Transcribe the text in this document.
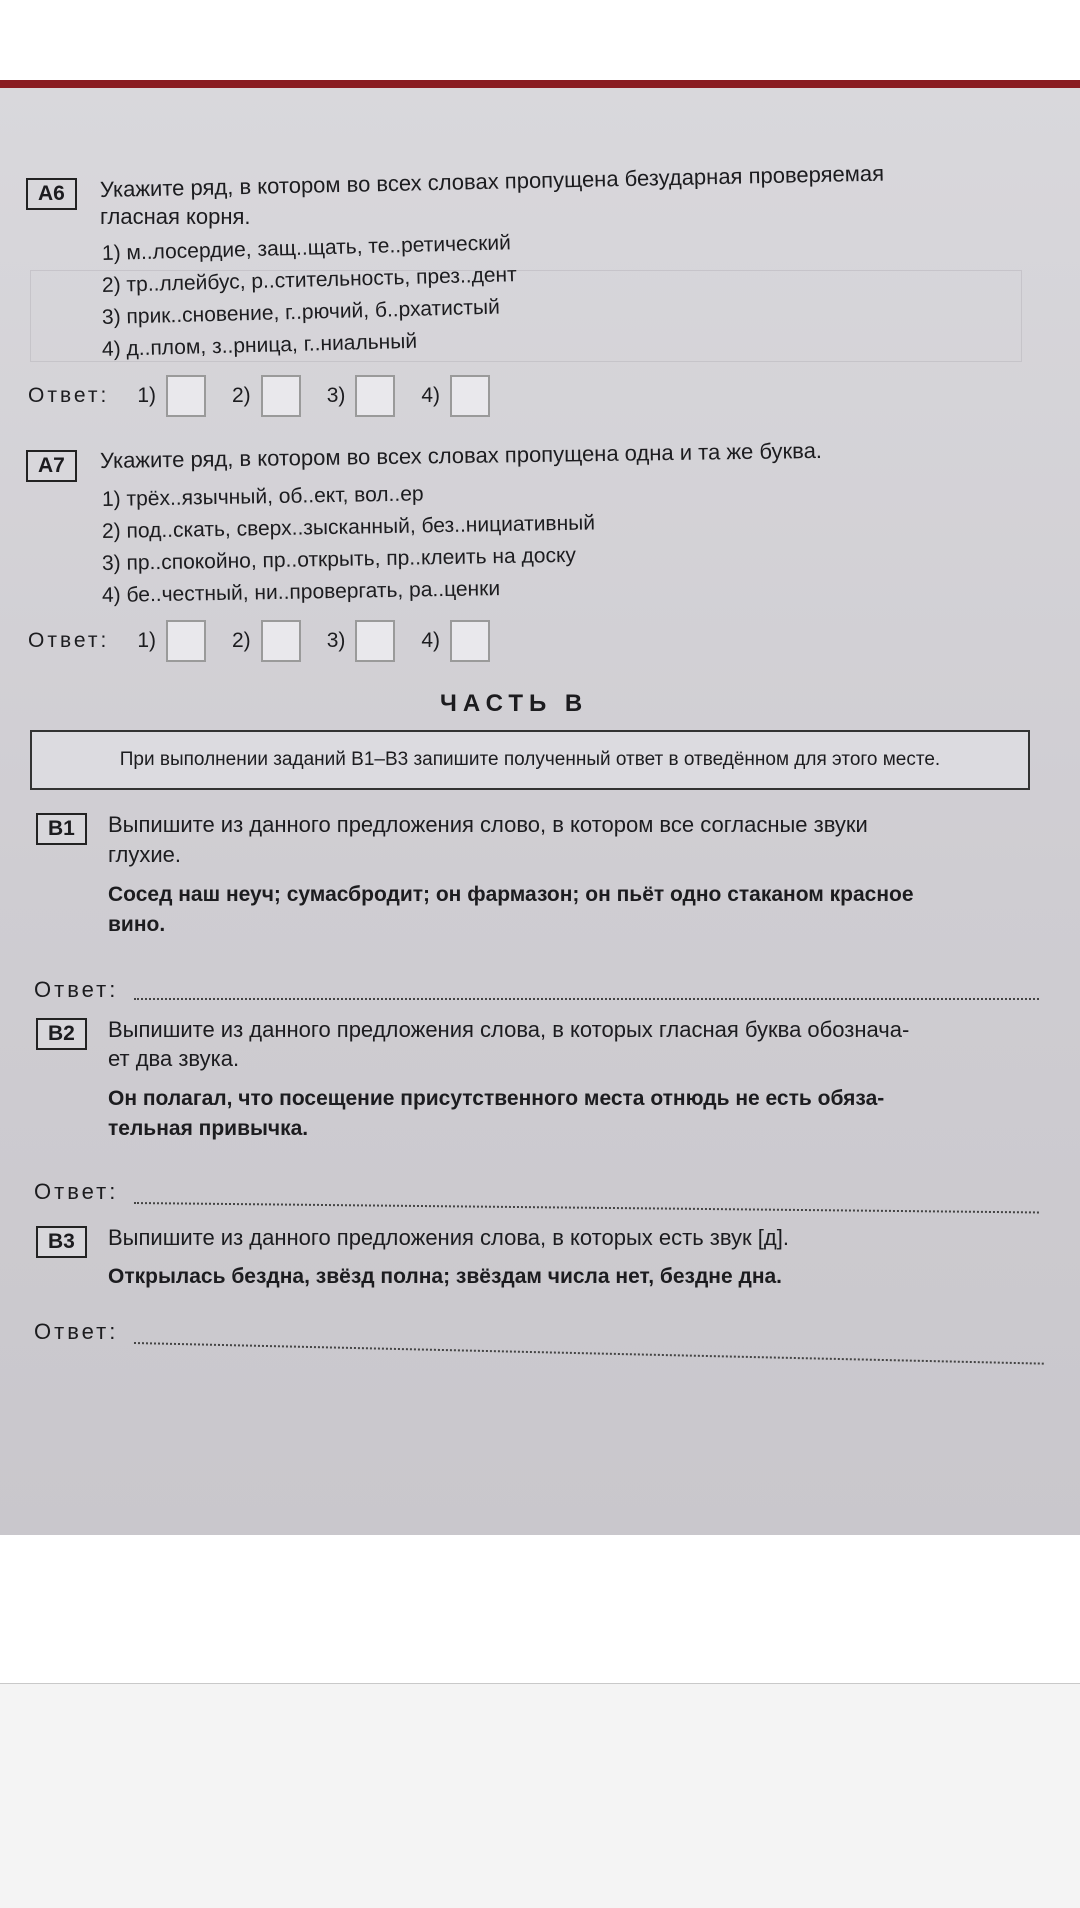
А6	Укажите ряд, в котором во всех словах пропущена безударная проверяемая
гласная корня.
1) м..лосердие, защ..щать, те..ретический
2) тр..ллейбус, р..стительность, през..дент
3) прик..сновение, г..рючий, б..рхатистый
4) д..плом, з..рница, г..ниальный
Ответ: 1)	2)	3)	4)
А7	Укажите ряд, в котором во всех словах пропущена одна и та же буква.
1) трёх..язычный, об..ект, вол..ер
2) под..скать, сверх..зысканный, без..нициативный
3) пр..спокойно, пр..открыть, пр..клеить на доску
4) бе..честный, ни..провергать, ра..ценки
Ответ: 1)	2)	3)	4)
ЧАСТЬ В
При выполнении заданий В1–В3 запишите полученный ответ в отведённом для этого месте.
В1	Выпишите из данного предложения слово, в котором все согласные звуки
глухие.
Сосед наш неуч; сумасбродит; он фармазон; он пьёт одно стаканом красное
вино.
Ответ:
В2	Выпишите из данного предложения слова, в которых гласная буква обознача-
ет два звука.
Он полагал, что посещение присутственного места отнюдь не есть обяза-
тельная привычка.
Ответ:
В3	Выпишите из данного предложения слова, в которых есть звук [д].
Открылась бездна, звёзд полна; звёздам числа нет, бездне дна.
Ответ:
